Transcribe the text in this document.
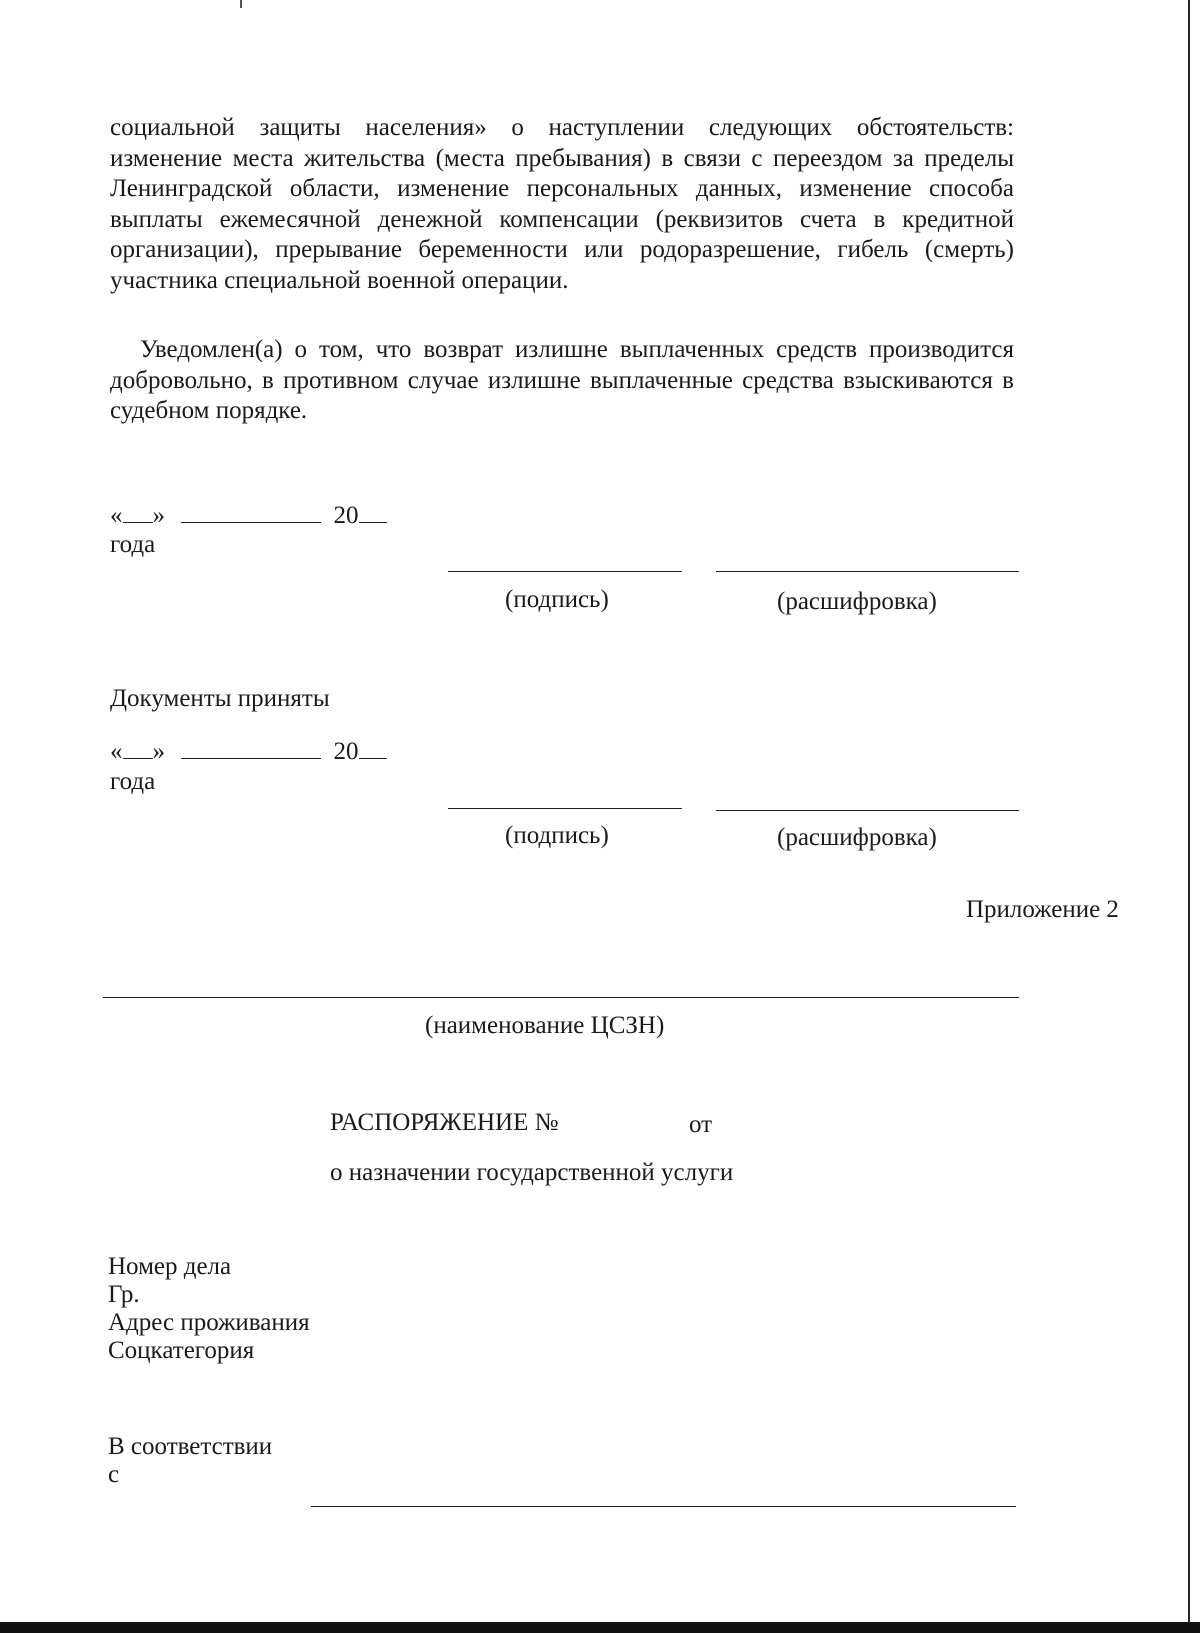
социальной защиты населения» о наступлении следующих обстоятельств: изменение места жительства (места пребывания) в связи с переездом за пределы Ленинградской области, изменение персональных данных, изменение способа выплаты ежемесячной денежной компенсации (реквизитов счета в кредитной организации), прерывание беременности или родоразрешение, гибель (смерть) участника специальной военной операции.
Уведомлен(а) о том, что возврат излишне выплаченных средств производится добровольно, в противном случае излишне выплаченные средства взыскиваются в судебном порядке.
« »	20
года
(подпись)	(расшифровка)
Документы приняты
« »	20
года
(подпись)	(расшифровка)
Приложение 2
(наименование ЦСЗН)
РАСПОРЯЖЕНИЕ №	от
о назначении государственной услуги
Номер дела
Гр.
Адрес проживания
Соцкатегория
В соответствии
с
